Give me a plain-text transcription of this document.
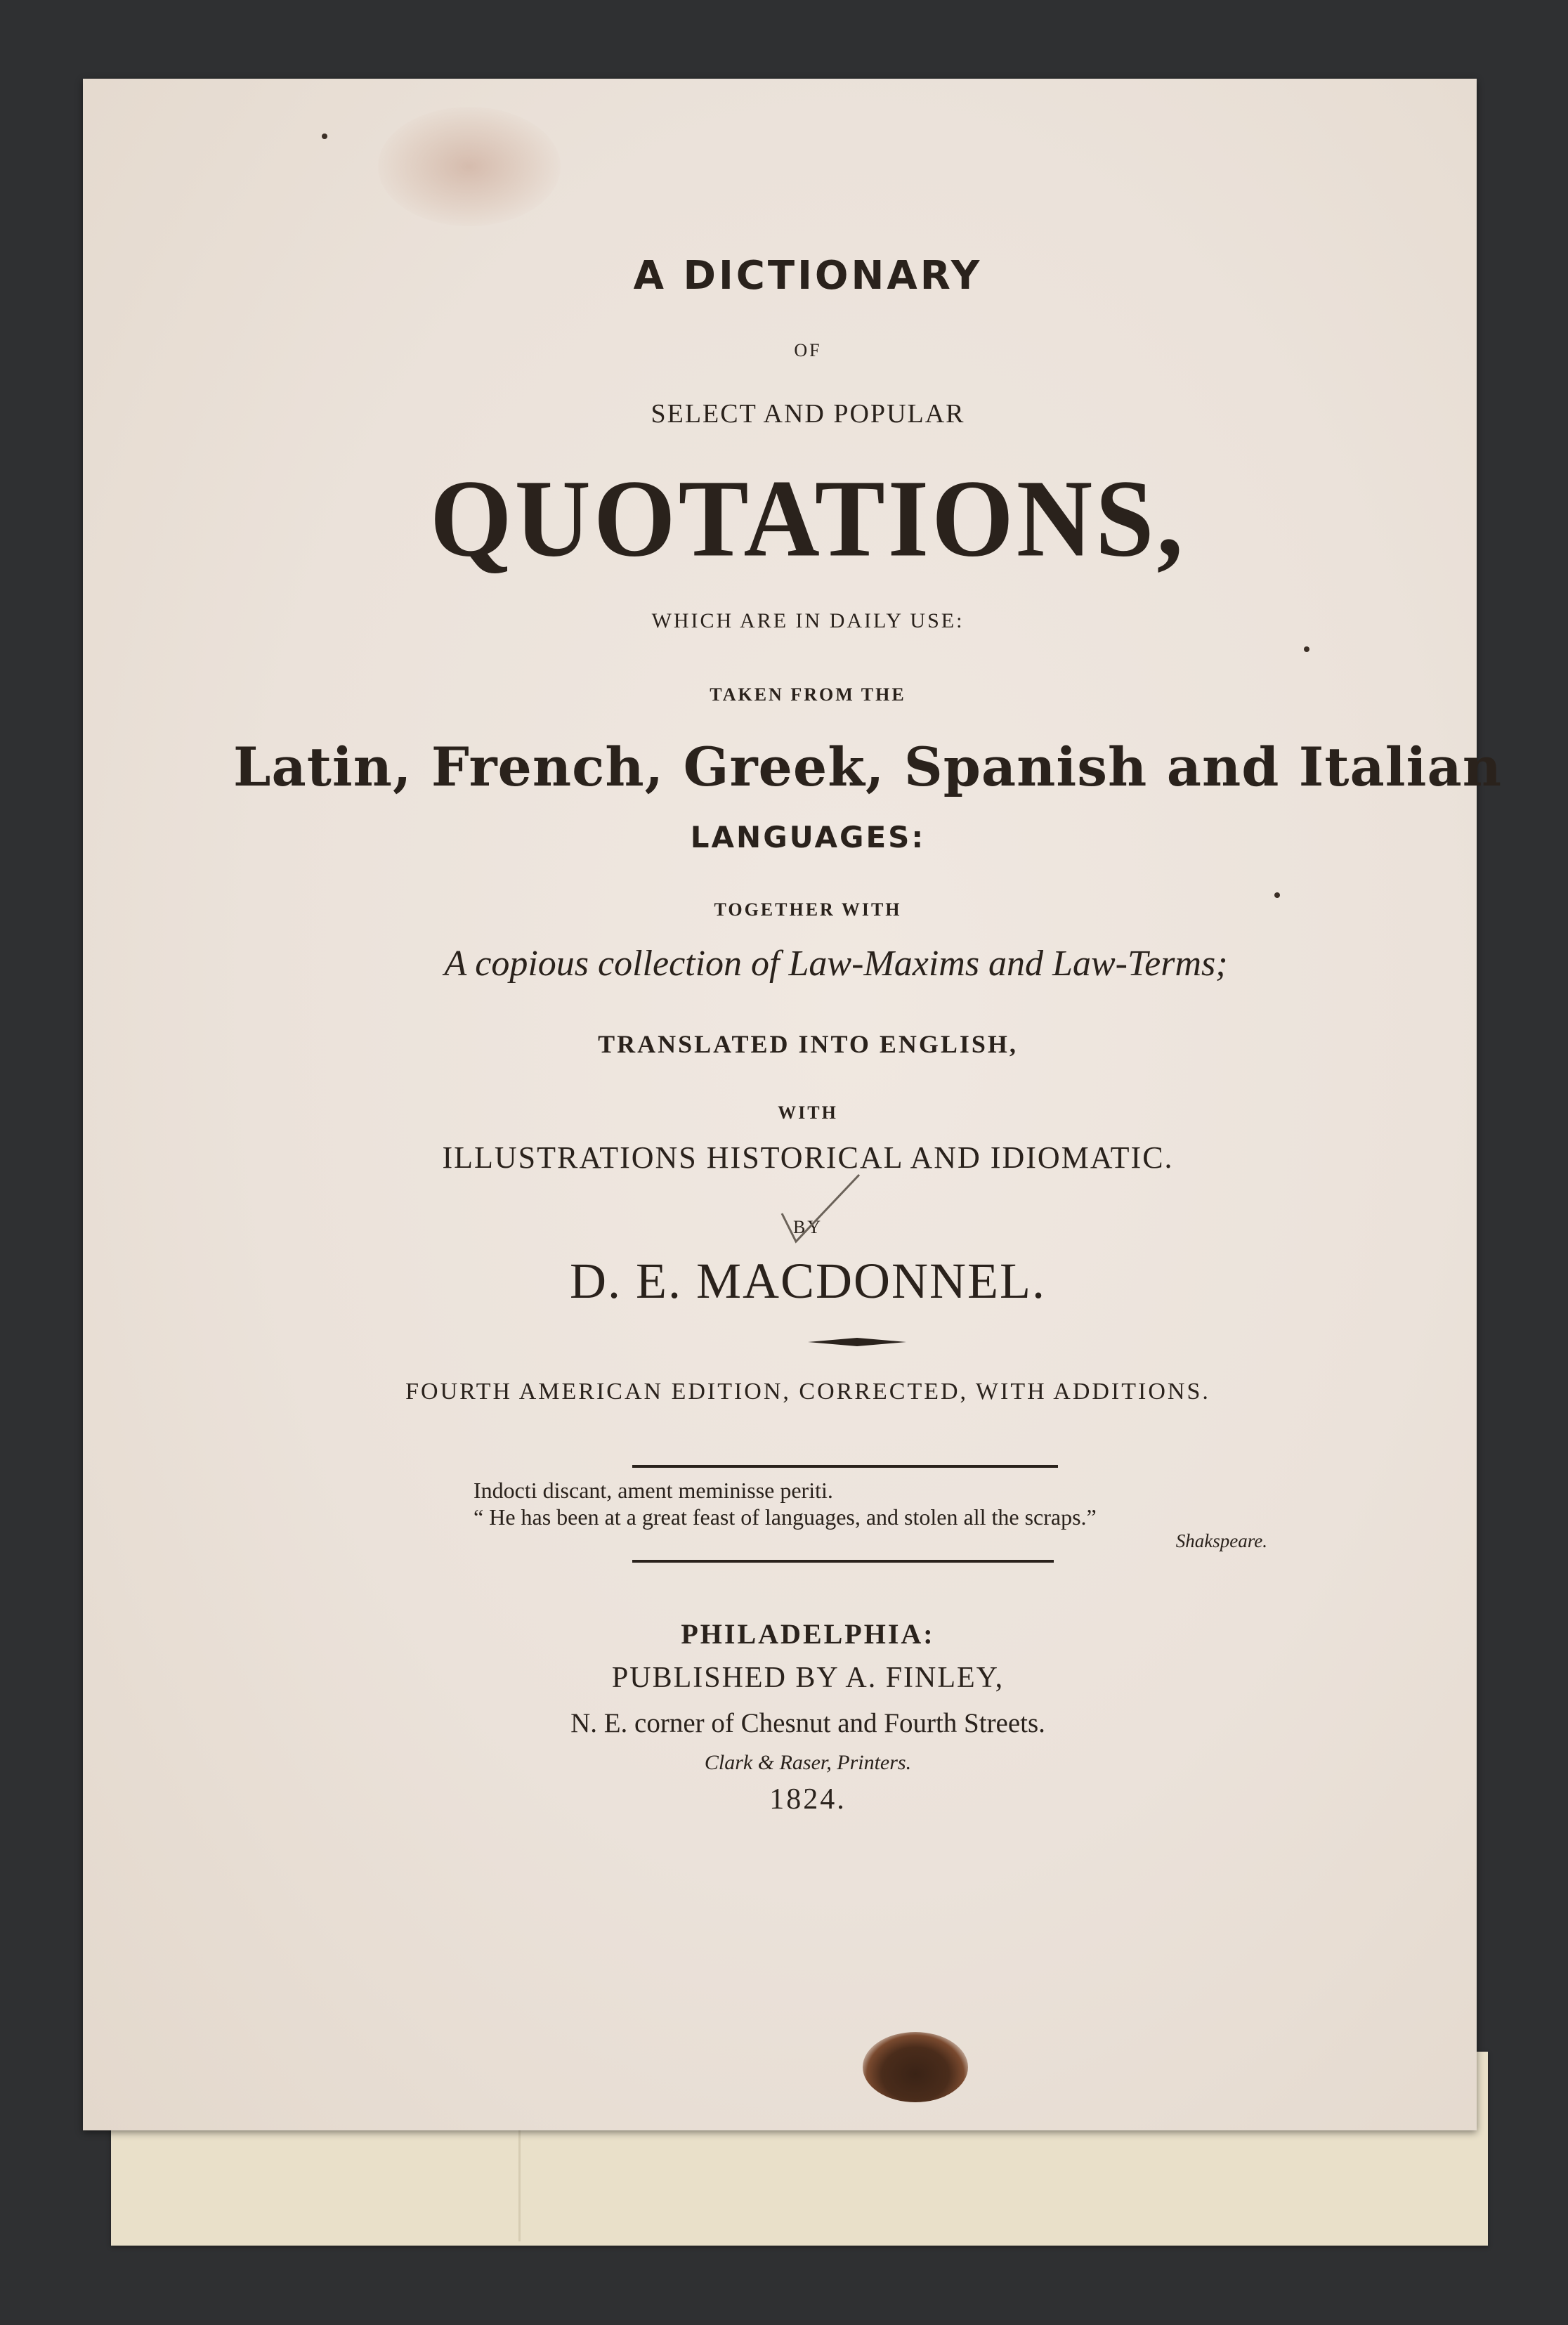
A DICTIONARY
OF
SELECT AND POPULAR
QUOTATIONS,
WHICH ARE IN DAILY USE:
TAKEN FROM THE
Latin, French, Greek, Spanish and Italian
LANGUAGES:
TOGETHER WITH
A copious collection of Law-Maxims and Law-Terms;
TRANSLATED INTO ENGLISH,
WITH
ILLUSTRATIONS HISTORICAL AND IDIOMATIC.
BY
D. E. MACDONNEL.
FOURTH AMERICAN EDITION, CORRECTED, WITH ADDITIONS.
Indocti discant, ament meminisse periti.
“ He has been at a great feast of languages, and stolen all the scraps.”
Shakspeare.
PHILADELPHIA:
PUBLISHED BY A. FINLEY,
N. E. corner of Chesnut and Fourth Streets.
Clark & Raser, Printers.
1824.
